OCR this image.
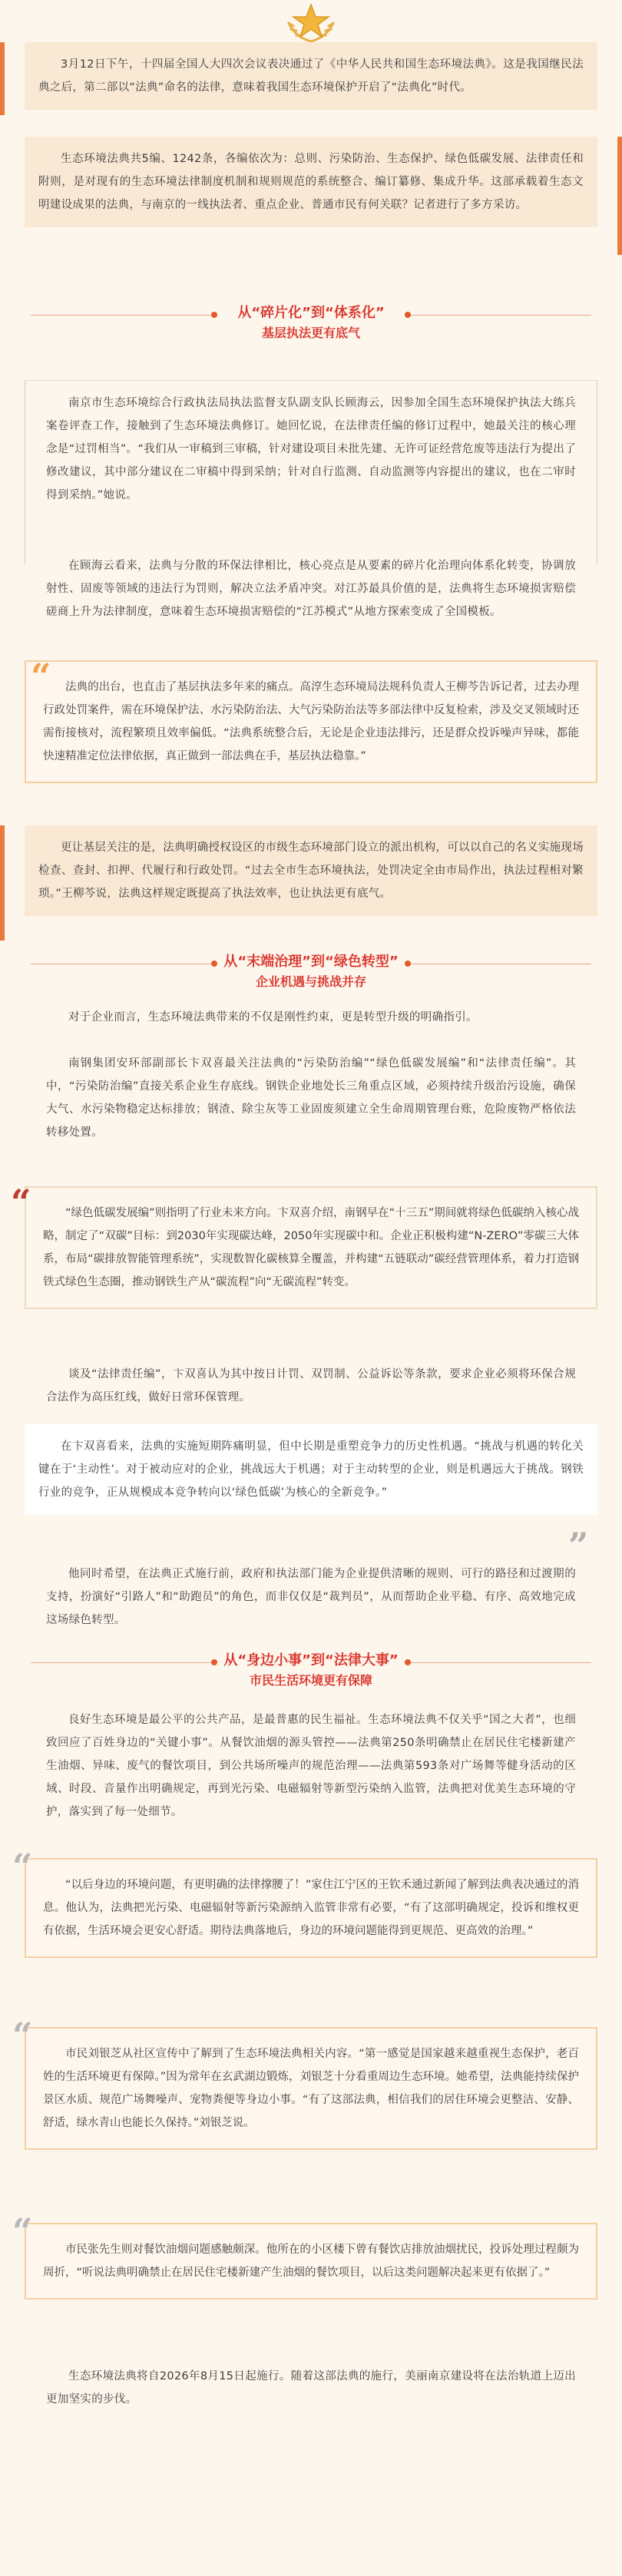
3月12日下午，十四届全国人大四次会议表决通过了《中华人民共和国生态环境法典》。这是我国继民法典之后，第二部以“法典”命名的法律，意味着我国生态环境保护开启了“法典化”时代。

生态环境法典共5编、1242条，各编依次为：总则、污染防治、生态保护、绿色低碳发展、法律责任和附则，是对现有的生态环境法律制度机制和规则规范的系统整合、编订纂修、集成升华。这部承载着生态文明建设成果的法典，与南京的一线执法者、重点企业、普通市民有何关联？记者进行了多方采访。

从“碎片化”到“体系化”
基层执法更有底气

南京市生态环境综合行政执法局执法监督支队副支队长顾海云，因参加全国生态环境保护执法大练兵案卷评查工作，接触到了生态环境法典修订。她回忆说，在法律责任编的修订过程中，她最关注的核心理念是“过罚相当”。“我们从一审稿到三审稿，针对建设项目未批先建、无许可证经营危废等违法行为提出了修改建议，其中部分建议在二审稿中得到采纳；针对自行监测、自动监测等内容提出的建议，也在二审时得到采纳。”她说。

在顾海云看来，法典与分散的环保法律相比，核心亮点是从要素的碎片化治理向体系化转变，协调放射性、固废等领域的违法行为罚则，解决立法矛盾冲突。对江苏最具价值的是，法典将生态环境损害赔偿磋商上升为法律制度，意味着生态环境损害赔偿的“江苏模式”从地方探索变成了全国模板。

“	法典的出台，也直击了基层执法多年来的痛点。高淳生态环境局法规科负责人王柳芩告诉记者，过去办理行政处罚案件，需在环境保护法、水污染防治法、大气污染防治法等多部法律中反复检索，涉及交叉领域时还需衔接核对，流程繁琐且效率偏低。“法典系统整合后，无论是企业违法排污，还是群众投诉噪声异味，都能快速精准定位法律依据，真正做到一部法典在手，基层执法稳靠。”

更让基层关注的是，法典明确授权设区的市级生态环境部门设立的派出机构，可以以自己的名义实施现场检查、查封、扣押、代履行和行政处罚。“过去全市生态环境执法，处罚决定全由市局作出，执法过程相对繁琐。”王柳芩说，法典这样规定既提高了执法效率，也让执法更有底气。

从“末端治理”到“绿色转型”
企业机遇与挑战并存

对于企业而言，生态环境法典带来的不仅是刚性约束，更是转型升级的明确指引。

南钢集团安环部副部长卞双喜最关注法典的“污染防治编”“绿色低碳发展编”和“法律责任编”。其中，“污染防治编”直接关系企业生存底线。钢铁企业地处长三角重点区域，必须持续升级治污设施，确保大气、水污染物稳定达标排放；钢渣、除尘灰等工业固废须建立全生命周期管理台账，危险废物严格依法转移处置。

“	“绿色低碳发展编”则指明了行业未来方向。卞双喜介绍，南钢早在“十三五”期间就将绿色低碳纳入核心战略，制定了“双碳”目标：到2030年实现碳达峰，2050年实现碳中和。企业正积极构建“N-ZERO”零碳三大体系，布局“碳排放智能管理系统”，实现数智化碳核算全覆盖，并构建“五链联动”碳经营管理体系，着力打造钢铁式绿色生态圈，推动钢铁生产从“碳流程”向“无碳流程”转变。

谈及“法律责任编”，卞双喜认为其中按日计罚、双罚制、公益诉讼等条款，要求企业必须将环保合规合法作为高压红线，做好日常环保管理。

在卞双喜看来，法典的实施短期阵痛明显，但中长期是重塑竞争力的历史性机遇。“挑战与机遇的转化关键在于‘主动性’。对于被动应对的企业，挑战远大于机遇；对于主动转型的企业，则是机遇远大于挑战。钢铁行业的竞争，正从规模成本竞争转向以‘绿色低碳’为核心的全新竞争。”

”

他同时希望，在法典正式施行前，政府和执法部门能为企业提供清晰的规则、可行的路径和过渡期的支持，扮演好“引路人”和“助跑员”的角色，而非仅仅是“裁判员”，从而帮助企业平稳、有序、高效地完成这场绿色转型。

从“身边小事”到“法律大事”
市民生活环境更有保障

良好生态环境是最公平的公共产品，是最普惠的民生福祉。生态环境法典不仅关乎“国之大者”，也细致回应了百姓身边的“关键小事”。从餐饮油烟的源头管控——法典第250条明确禁止在居民住宅楼新建产生油烟、异味、废气的餐饮项目，到公共场所噪声的规范治理——法典第593条对广场舞等健身活动的区域、时段、音量作出明确规定，再到光污染、电磁辐射等新型污染纳入监管，法典把对优美生态环境的守护，落实到了每一处细节。

“	“以后身边的环境问题，有更明确的法律撑腰了！”家住江宁区的王钦禾通过新闻了解到法典表决通过的消息。他认为，法典把光污染、电磁辐射等新污染源纳入监管非常有必要，“有了这部明确规定，投诉和维权更有依据，生活环境会更安心舒适。期待法典落地后，身边的环境问题能得到更规范、更高效的治理。”

“	市民刘银芝从社区宣传中了解到了生态环境法典相关内容。“第一感觉是国家越来越重视生态保护，老百姓的生活环境更有保障。”因为常年在玄武湖边锻炼，刘银芝十分看重周边生态环境。她希望，法典能持续保护景区水质、规范广场舞噪声、宠物粪便等身边小事。“有了这部法典，相信我们的居住环境会更整洁、安静、舒适，绿水青山也能长久保持。”刘银芝说。

“	市民张先生则对餐饮油烟问题感触颇深。他所在的小区楼下曾有餐饮店排放油烟扰民，投诉处理过程颇为周折，“听说法典明确禁止在居民住宅楼新建产生油烟的餐饮项目，以后这类问题解决起来更有依据了。”

生态环境法典将自2026年8月15日起施行。随着这部法典的施行，美丽南京建设将在法治轨道上迈出更加坚实的步伐。
